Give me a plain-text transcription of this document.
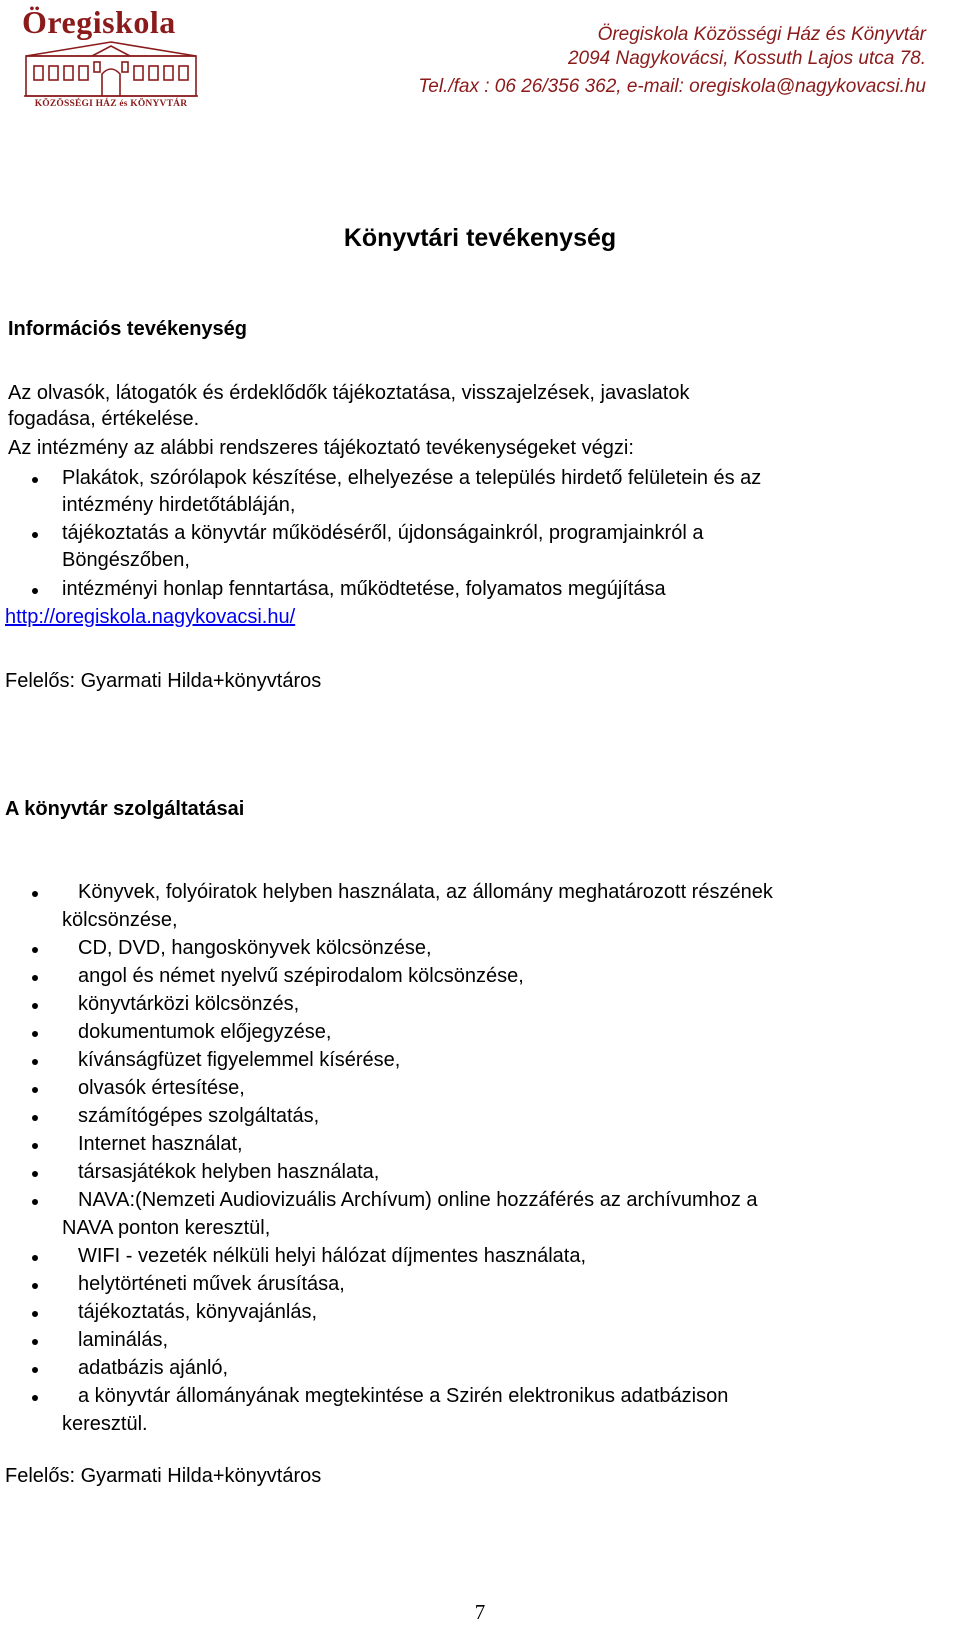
Öregiskola
KÖZÖSSÉGI HÁZ és KÖNYVTÁR
Öregiskola Közösségi Ház és Könyvtár
2094 Nagykovácsi, Kossuth Lajos utca 78.
Tel./fax : 06 26/356 362, e-mail: oregiskola@nagykovacsi.hu
Könyvtári tevékenység
Információs tevékenység
Az olvasók, látogatók és érdeklődők tájékoztatása, visszajelzések, javaslatok
fogadása, értékelése.
Az intézmény az alábbi rendszeres tájékoztató tevékenységeket végzi:
Plakátok, szórólapok készítése, elhelyezése a település hirdető felületein és az
intézmény hirdetőtábláján,
tájékoztatás a könyvtár működéséről, újdonságainkról, programjainkról a
Böngészőben,
intézményi honlap fenntartása, működtetése, folyamatos megújítása
http://oregiskola.nagykovacsi.hu/
Felelős: Gyarmati Hilda+könyvtáros
A könyvtár szolgáltatásai
Könyvek, folyóiratok helyben használata, az állomány meghatározott részének
kölcsönzése,
CD, DVD, hangoskönyvek kölcsönzése,
angol és német nyelvű szépirodalom kölcsönzése,
könyvtárközi kölcsönzés,
dokumentumok előjegyzése,
kívánságfüzet figyelemmel kísérése,
olvasók értesítése,
számítógépes szolgáltatás,
Internet használat,
társasjátékok helyben használata,
NAVA:(Nemzeti Audiovizuális Archívum) online hozzáférés az archívumhoz a
NAVA ponton keresztül,
WIFI - vezeték nélküli helyi hálózat díjmentes használata,
helytörténeti művek árusítása,
tájékoztatás, könyvajánlás,
laminálás,
adatbázis ajánló,
a könyvtár állományának megtekintése a Szirén elektronikus adatbázison
keresztül.
Felelős: Gyarmati Hilda+könyvtáros
7
